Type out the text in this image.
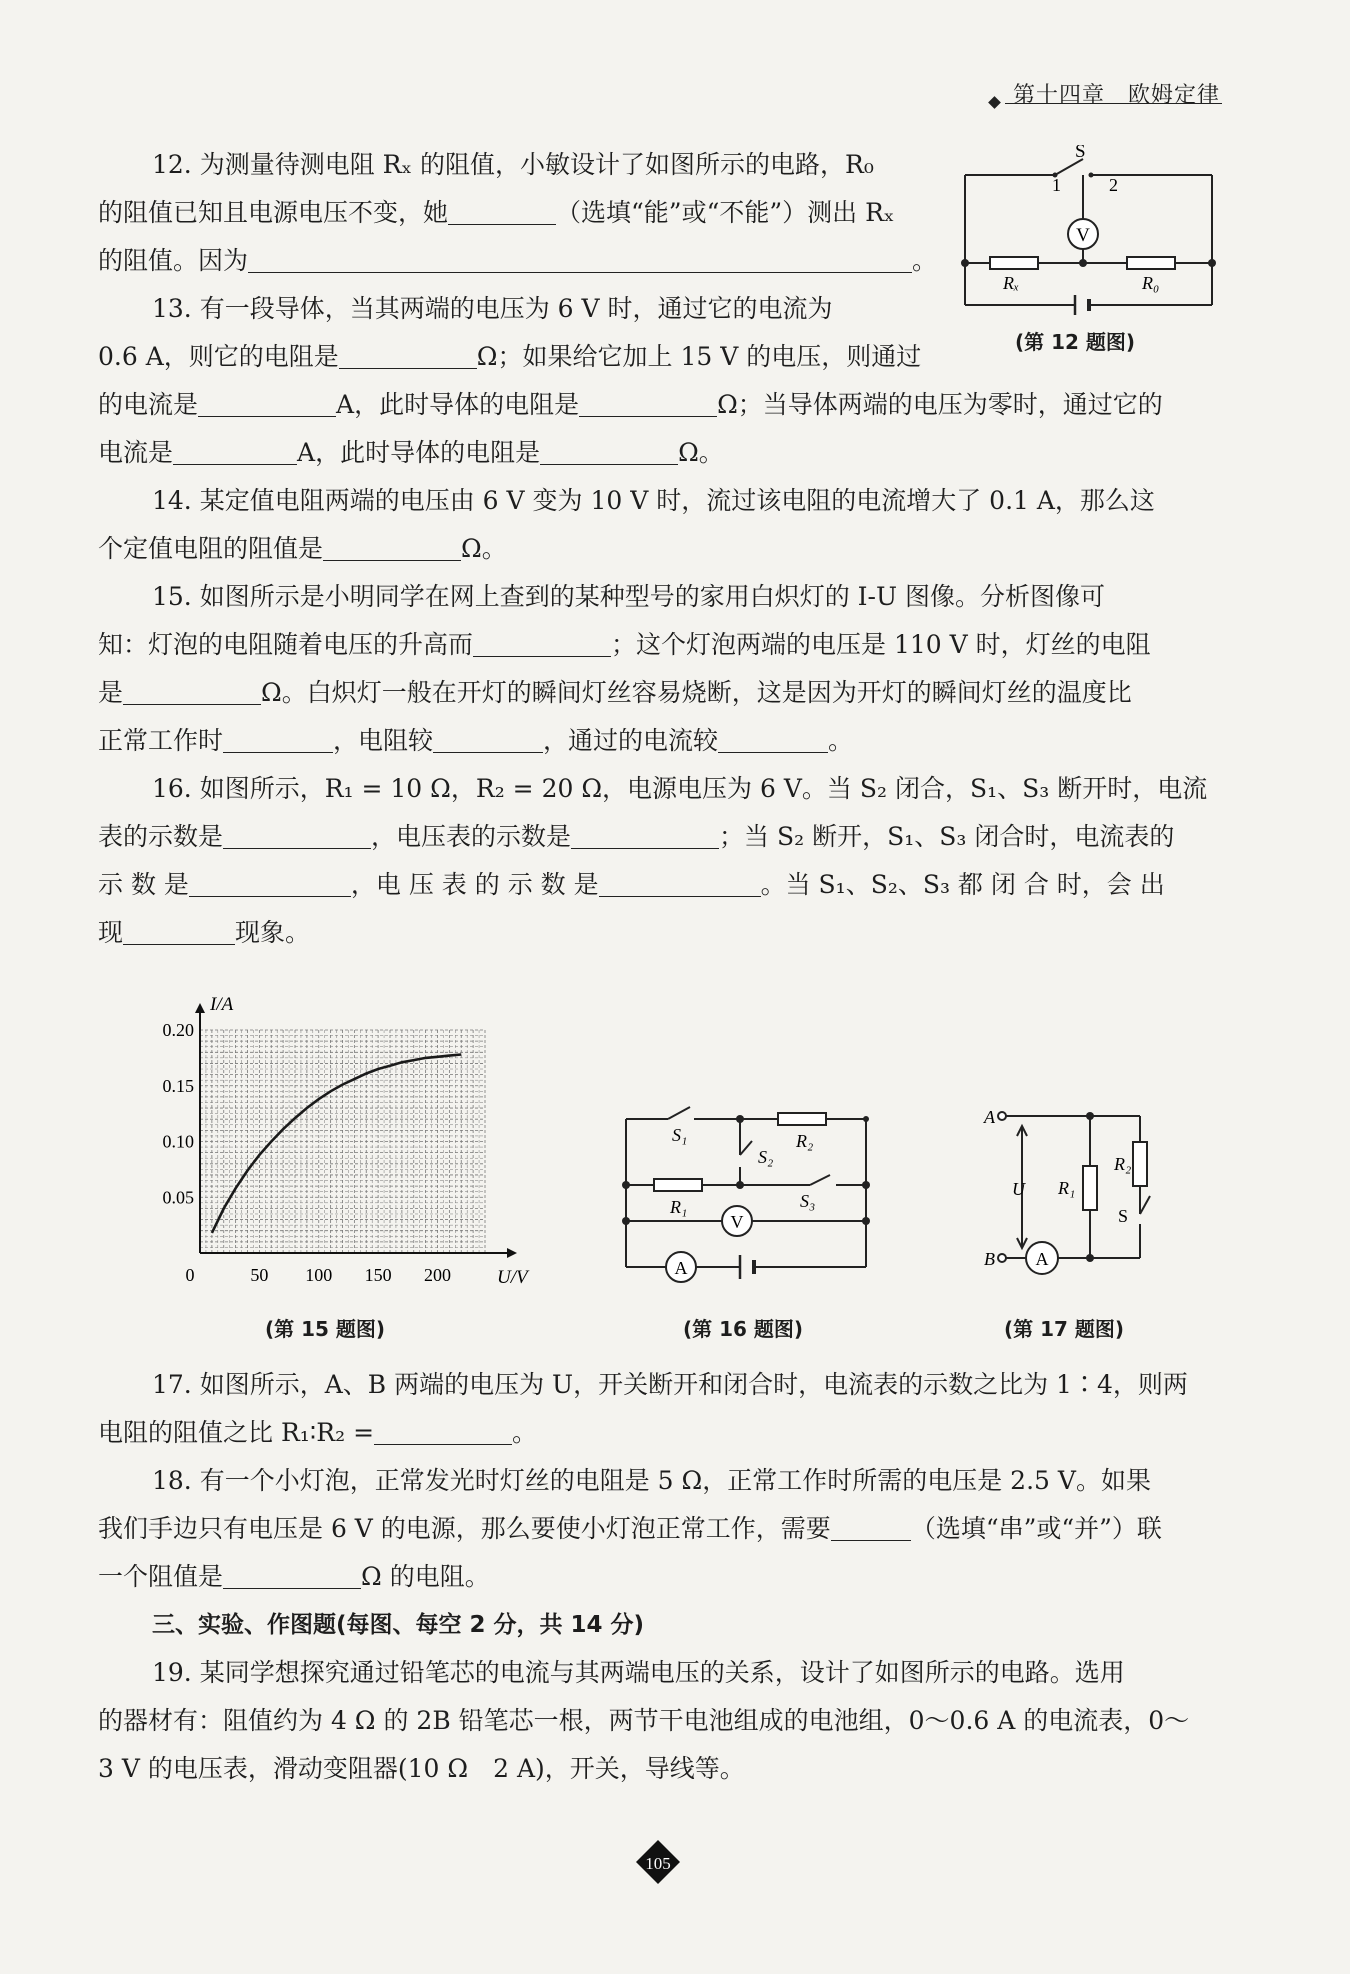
第十四章　欧姆定律
12. 为测量待测电阻 Rₓ 的阻值，小敏设计了如图所示的电路，R₀
的阻值已知且电源电压不变，她	（选填“能”或“不能”）测出 Rₓ
的阻值。因为	。
V
S
1	2
Rₓ	R₀
(第 12 题图)
13. 有一段导体，当其两端的电压为 6 V 时，通过它的电流为
0.6 A，则它的电阻是	Ω；如果给它加上 15 V 的电压，则通过
的电流是	A，此时导体的电阻是	Ω；当导体两端的电压为零时，通过它的
电流是	A，此时导体的电阻是	Ω。
14. 某定值电阻两端的电压由 6 V 变为 10 V 时，流过该电阻的电流增大了 0.1 A，那么这
个定值电阻的阻值是	Ω。
15. 如图所示是小明同学在网上查到的某种型号的家用白炽灯的 I-U 图像。分析图像可
知：灯泡的电阻随着电压的升高而	；这个灯泡两端的电压是 110 V 时，灯丝的电阻
是	Ω。白炽灯一般在开灯的瞬间灯丝容易烧断，这是因为开灯的瞬间灯丝的温度比
正常工作时	，电阻较	，通过的电流较	。
16. 如图所示，R₁ = 10 Ω，R₂ = 20 Ω，电源电压为 6 V。当 S₂ 闭合，S₁、S₃ 断开时，电流
表的示数是	，电压表的示数是	；当 S₂ 断开，S₁、S₃ 闭合时，电流表的
示 数 是	，电 压 表 的 示 数 是	。当 S₁、S₂、S₃ 都 闭 合 时，会 出
现	现象。
0	50 100 150 200
0.05
0.10
0.15
0.20
I/A
U/V
(第 15 题图)
V
A
S₁
S₂
S₃
R₂
R₁
(第 16 题图)
A
B
U R₁
R₂
S
A
(第 17 题图)
17. 如图所示，A、B 两端的电压为 U，开关断开和闭合时，电流表的示数之比为 1∶4，则两
电阻的阻值之比 R₁∶R₂ =	。
18. 有一个小灯泡，正常发光时灯丝的电阻是 5 Ω，正常工作时所需的电压是 2.5 V。如果
我们手边只有电压是 6 V 的电源，那么要使小灯泡正常工作，需要	（选填“串”或“并”）联
一个阻值是	Ω 的电阻。
三、实验、作图题(每图、每空 2 分，共 14 分)
19. 某同学想探究通过铅笔芯的电流与其两端电压的关系，设计了如图所示的电路。选用
的器材有：阻值约为 4 Ω 的 2B 铅笔芯一根，两节干电池组成的电池组，0～0.6 A 的电流表，0～
3 V 的电压表，滑动变阻器(10 Ω　2 A)，开关，导线等。
105
